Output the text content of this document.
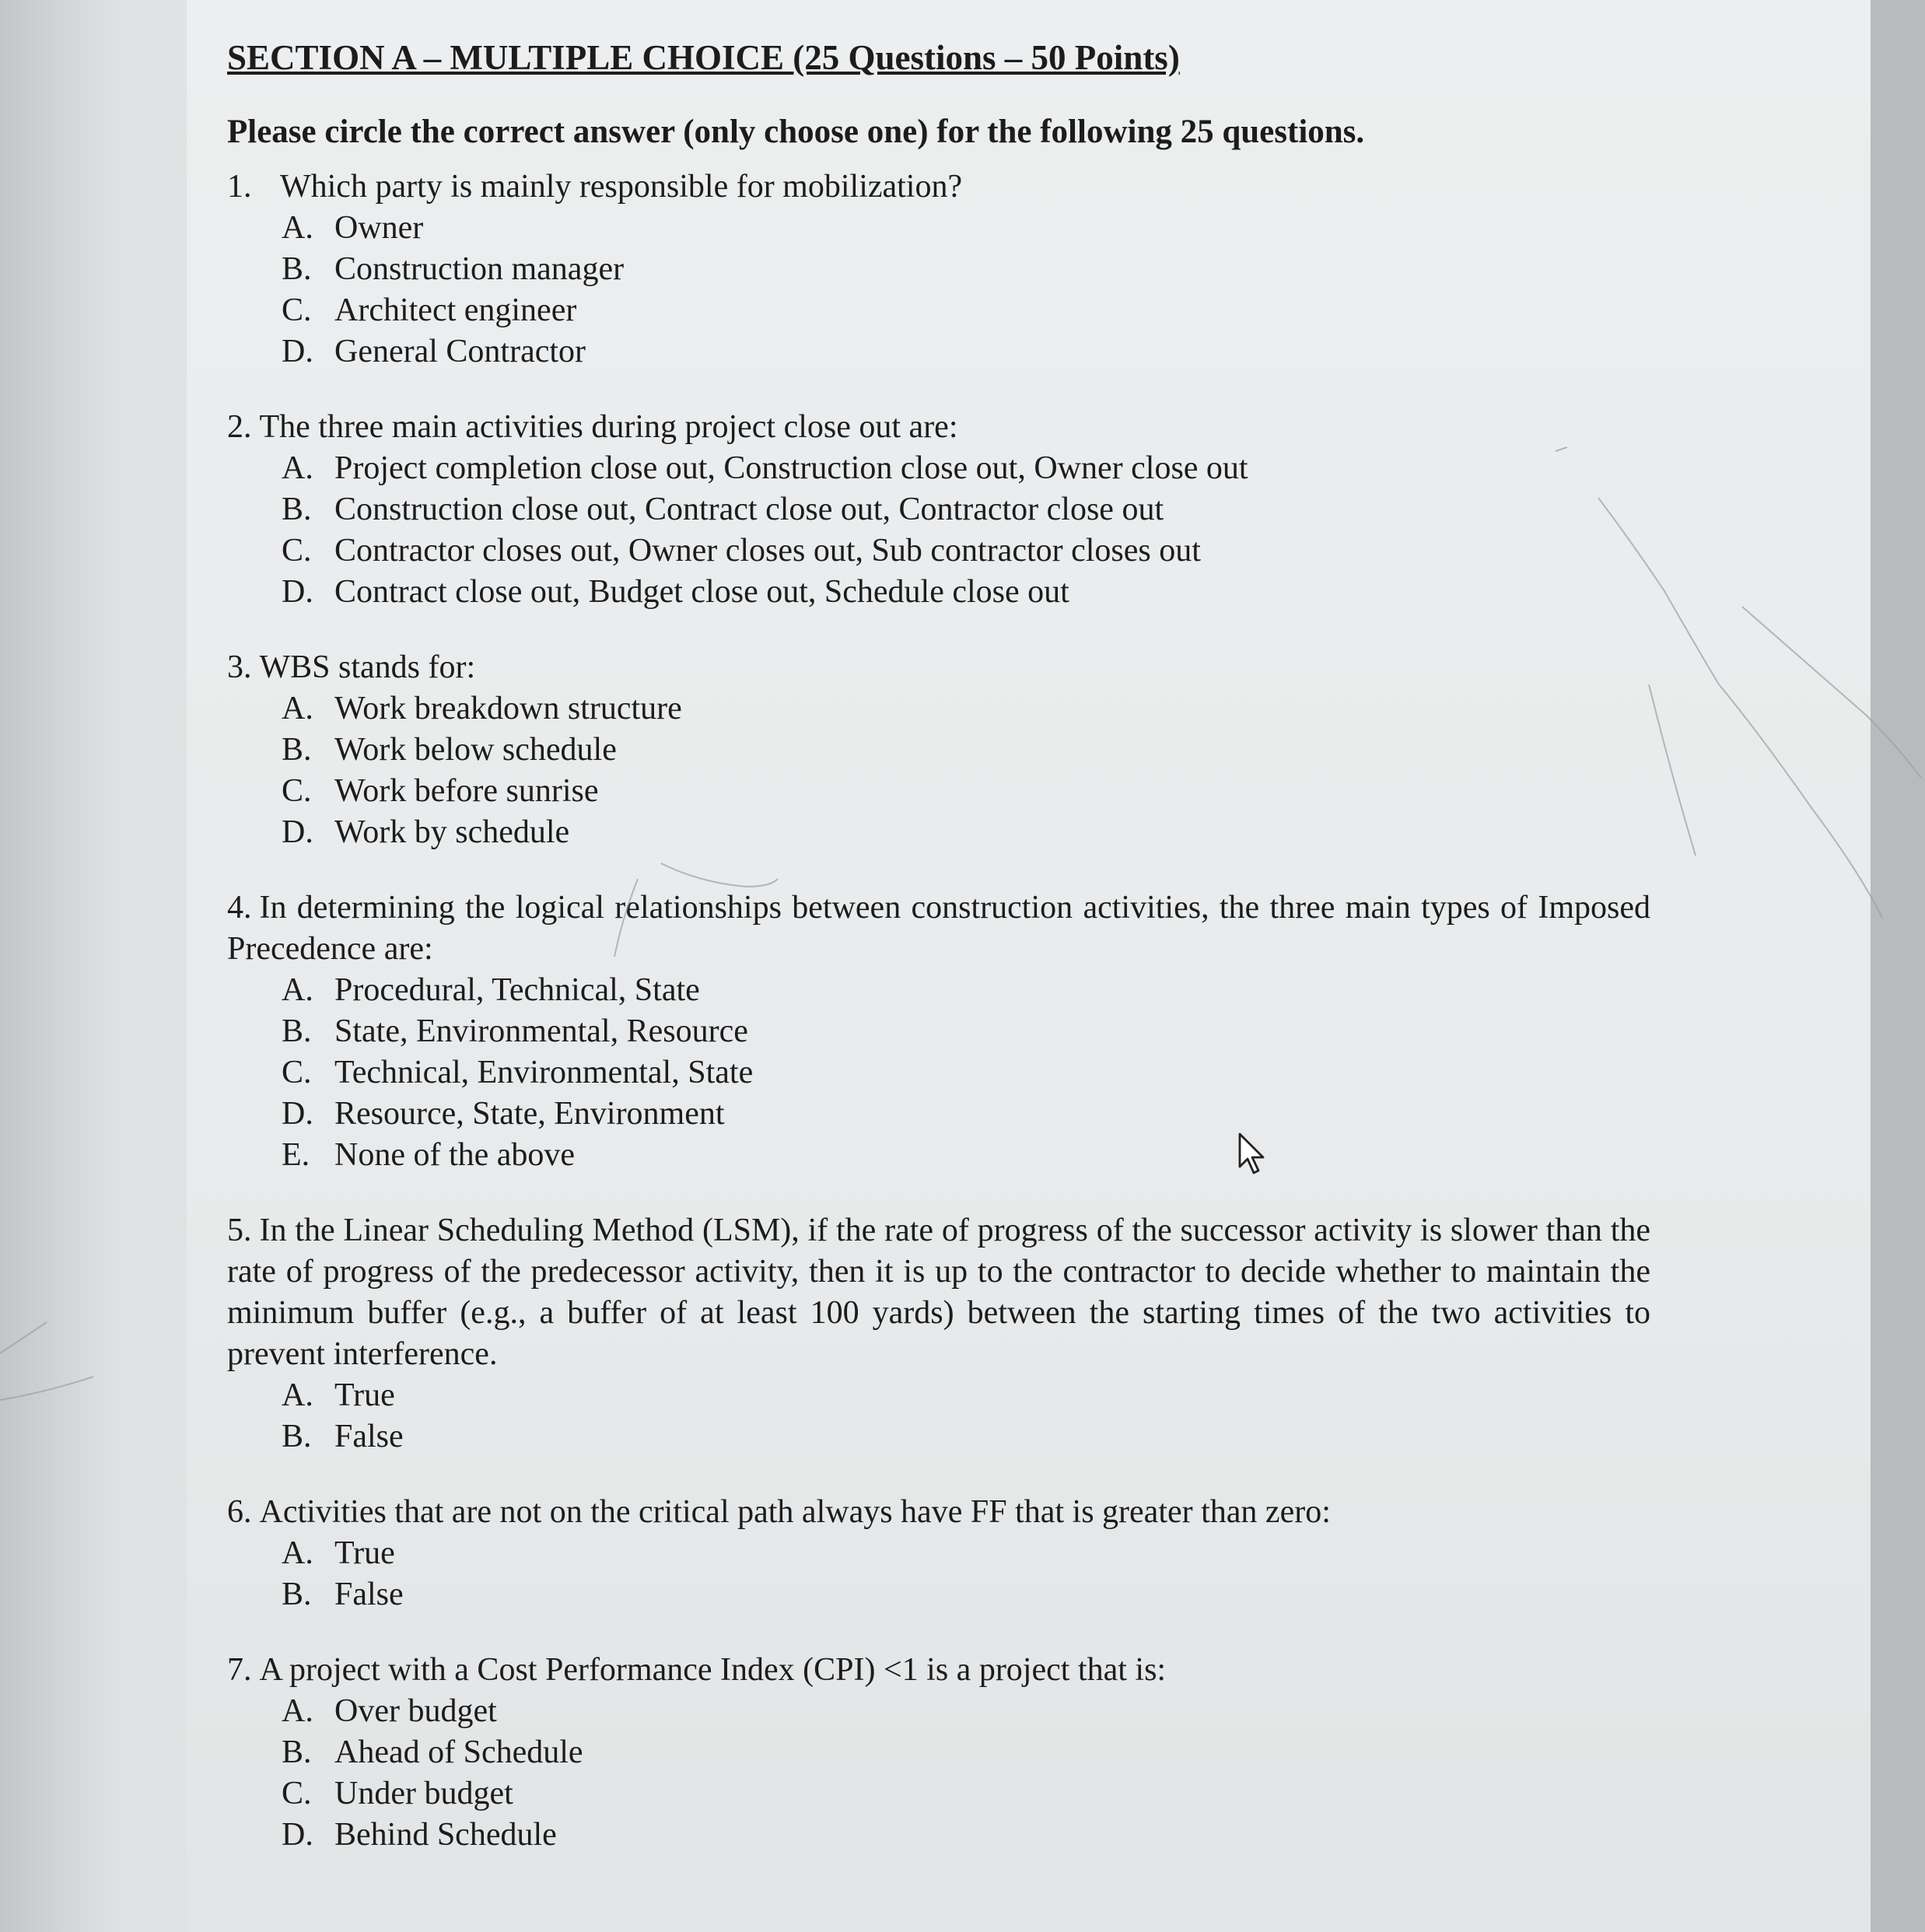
SECTION A – MULTIPLE CHOICE (25 Questions – 50 Points)

Please circle the correct answer (only choose one) for the following 25 questions.

1. Which party is mainly responsible for mobilization?

A. Owner
B. Construction manager
C. Architect engineer
D. General Contractor

2. The three main activities during project close out are:

A. Project completion close out, Construction close out, Owner close out
B. Construction close out, Contract close out, Contractor close out
C. Contractor closes out, Owner closes out, Sub contractor closes out
D. Contract close out, Budget close out, Schedule close out

3. WBS stands for:

A. Work breakdown structure
B. Work below schedule
C. Work before sunrise
D. Work by schedule

4. In determining the logical relationships between construction activities, the three main types of Imposed Precedence are:

A. Procedural, Technical, State
B. State, Environmental, Resource
C. Technical, Environmental, State
D. Resource, State, Environment
E. None of the above

5. In the Linear Scheduling Method (LSM), if the rate of progress of the successor activity is slower than the rate of progress of the predecessor activity, then it is up to the contractor to decide whether to maintain the minimum buffer (e.g., a buffer of at least 100 yards) between the starting times of the two activities to prevent interference.

A. True
B. False

6. Activities that are not on the critical path always have FF that is greater than zero:

A. True
B. False

7. A project with a Cost Performance Index (CPI) <1 is a project that is:

A. Over budget
B. Ahead of Schedule
C. Under budget
D. Behind Schedule
